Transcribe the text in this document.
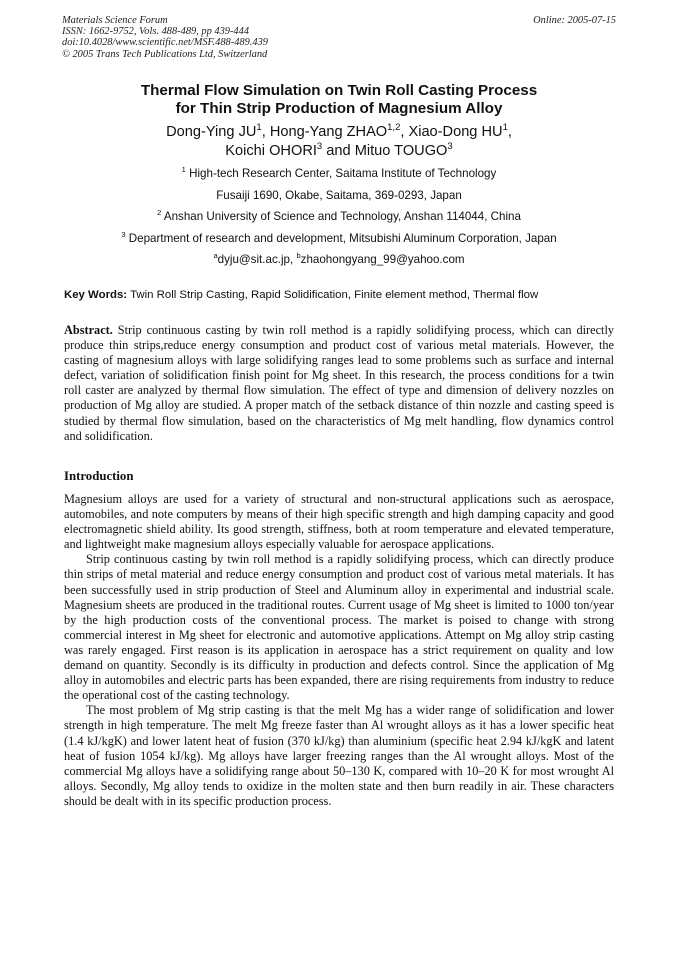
Materials Science Forum
ISSN: 1662-9752, Vols. 488-489, pp 439-444
doi:10.4028/www.scientific.net/MSF.488-489.439
© 2005 Trans Tech Publications Ltd, Switzerland
Online: 2005-07-15
Thermal Flow Simulation on Twin Roll Casting Process
for Thin Strip Production of Magnesium Alloy
Dong-Ying $JU^1$, Hong-Yang ZHAO$^{1,2}$, Xiao-Dong $HU^1$,
Koichi OHORI$^3$ and Mituo TOUGO$^3$
$^1$ High-tech Research Center, Saitama Institute of Technology
Fusaiji 1690, Okabe, Saitama, 369-0293, Japan
$^2$ Anshan University of Science and Technology, Anshan 114044, China
$^3$ Department of research and development, Mitsubishi Aluminum Corporation, Japan
$^a$dyju@sit.ac.jp, $^b$zhaohongyang_99@yahoo.com
Key Words: Twin Roll Strip Casting, Rapid Solidification, Finite element method, Thermal flow

Abstract. Strip continuous casting by twin roll method is a rapidly solidifying process, which can directly produce thin strips,reduce energy consumption and product cost of various metal materials. However, the casting of magnesium alloys with large solidifying ranges lead to some problems such as surface and internal defect, variation of solidification finish point for Mg sheet. In this research, the process conditions for a twin roll caster are analyzed by thermal flow simulation. The effect of type and dimension of delivery nozzles on production of Mg alloy are studied. A proper match of the setback distance of thin nozzle and casting speed is studied by thermal flow simulation, based on the characteristics of Mg melt handling, flow dynamics control and solidification.

Introduction

Magnesium alloys are used for a variety of structural and non-structural applications such as aerospace, automobiles, and note computers by means of their high specific strength and high damping capacity and good electromagnetic shield ability. Its good strength, stiffness, both at room temperature and elevated temperature, and lightweight make magnesium alloys especially valuable for aerospace applications.

Strip continuous casting by twin roll method is a rapidly solidifying process, which can directly produce thin strips of metal material and reduce energy consumption and product cost of various metal materials. It has been successfully used in strip production of Steel and Aluminum alloy in experimental and industrial scale. Magnesium sheets are produced in the traditional routes. Current usage of Mg sheet is limited to 1000 ton/year by the high production costs of the conventional process. The market is poised to change with strong commercial interest in Mg sheet for electronic and automotive applications. Attempt on Mg alloy strip casting was rarely engaged. First reason is its application in aerospace has a strict requirement on quality and low demand on quantity. Secondly is its difficulty in production and defects control. Since the application of Mg alloy in automobiles and electric parts has been expanded, there are rising requirements from industry to reduce the operational cost of the casting technology.

The most problem of Mg strip casting is that the melt Mg has a wider range of solidification and lower strength in high temperature. The melt Mg freeze faster than Al wrought alloys as it has a lower specific heat (1.4 kJ/kgK) and lower latent heat of fusion (370 kJ/kg) than aluminium (specific heat 2.94 kJ/kgK and latent heat of fusion 1054 kJ/kg). Mg alloys have larger freezing ranges than the Al wrought alloys. Most of the commercial Mg alloys have a solidifying range about 50–130 K, compared with 10–20 K for most wrought Al alloys. Secondly, Mg alloy tends to oxidize in the molten state and then burn readily in air. These characters should be dealt with in its specific production process.
